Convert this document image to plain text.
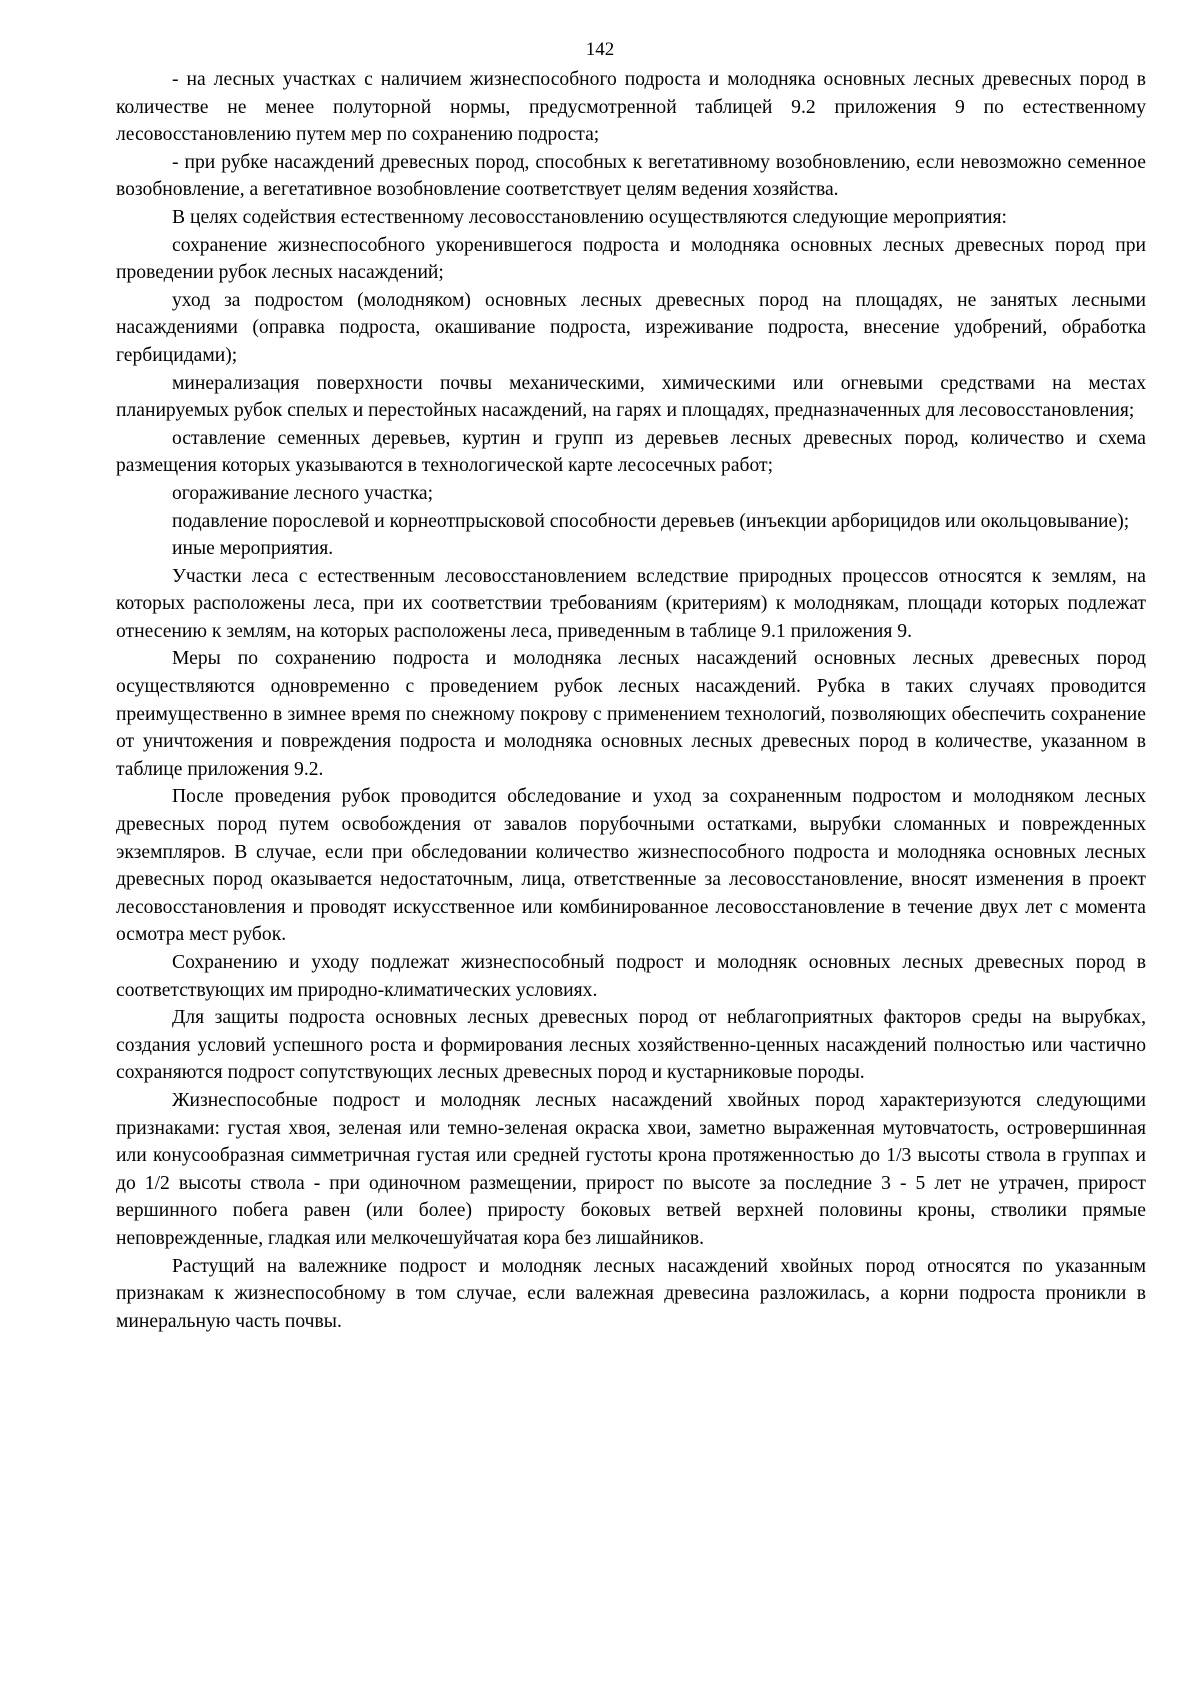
142

- на лесных участках с наличием жизнеспособного подроста и молодняка основных лесных древесных пород в количестве не менее полуторной нормы, предусмотренной таблицей 9.2 приложения 9 по естественному лесовосстановлению путем мер по сохранению подроста;

- при рубке насаждений древесных пород, способных к вегетативному возобновлению, если невозможно семенное возобновление, а вегетативное возобновление соответствует целям ведения хозяйства.

В целях содействия естественному лесовосстановлению осуществляются следующие мероприятия:

сохранение жизнеспособного укоренившегося подроста и молодняка основных лесных древесных пород при проведении рубок лесных насаждений;

уход за подростом (молодняком) основных лесных древесных пород на площадях, не занятых лесными насаждениями (оправка подроста, окашивание подроста, изреживание подроста, внесение удобрений, обработка гербицидами);

минерализация поверхности почвы механическими, химическими или огневыми средствами на местах планируемых рубок спелых и перестойных насаждений, на гарях и площадях, предназначенных для лесовосстановления;

оставление семенных деревьев, куртин и групп из деревьев лесных древесных пород, количество и схема размещения которых указываются в технологической карте лесосечных работ;

огораживание лесного участка;

подавление порослевой и корнеотпрысковой способности деревьев (инъекции арборицидов или окольцовывание);

иные мероприятия.

Участки леса с естественным лесовосстановлением вследствие природных процессов относятся к землям, на которых расположены леса, при их соответствии требованиям (критериям) к молоднякам, площади которых подлежат отнесению к землям, на которых расположены леса, приведенным в таблице 9.1 приложения 9.

Меры по сохранению подроста и молодняка лесных насаждений основных лесных древесных пород осуществляются одновременно с проведением рубок лесных насаждений. Рубка в таких случаях проводится преимущественно в зимнее время по снежному покрову с применением технологий, позволяющих обеспечить сохранение от уничтожения и повреждения подроста и молодняка основных лесных древесных пород в количестве, указанном в таблице приложения 9.2.

После проведения рубок проводится обследование и уход за сохраненным подростом и молодняком лесных древесных пород путем освобождения от завалов порубочными остатками, вырубки сломанных и поврежденных экземпляров. В случае, если при обследовании количество жизнеспособного подроста и молодняка основных лесных древесных пород оказывается недостаточным, лица, ответственные за лесовосстановление, вносят изменения в проект лесовосстановления и проводят искусственное или комбинированное лесовосстановление в течение двух лет с момента осмотра мест рубок.

Сохранению и уходу подлежат жизнеспособный подрост и молодняк основных лесных древесных пород в соответствующих им природно-климатических условиях.

Для защиты подроста основных лесных древесных пород от неблагоприятных факторов среды на вырубках, создания условий успешного роста и формирования лесных хозяйственно-ценных насаждений полностью или частично сохраняются подрост сопутствующих лесных древесных пород и кустарниковые породы.

Жизнеспособные подрост и молодняк лесных насаждений хвойных пород характеризуются следующими признаками: густая хвоя, зеленая или темно-зеленая окраска хвои, заметно выраженная мутовчатость, островершинная или конусообразная симметричная густая или средней густоты крона протяженностью до 1/3 высоты ствола в группах и до 1/2 высоты ствола - при одиночном размещении, прирост по высоте за последние 3 - 5 лет не утрачен, прирост вершинного побега равен (или более) приросту боковых ветвей верхней половины кроны, стволики прямые неповрежденные, гладкая или мелкочешуйчатая кора без лишайников.

Растущий на валежнике подрост и молодняк лесных насаждений хвойных пород относятся по указанным признакам к жизнеспособному в том случае, если валежная древесина разложилась, а корни подроста проникли в минеральную часть почвы.
